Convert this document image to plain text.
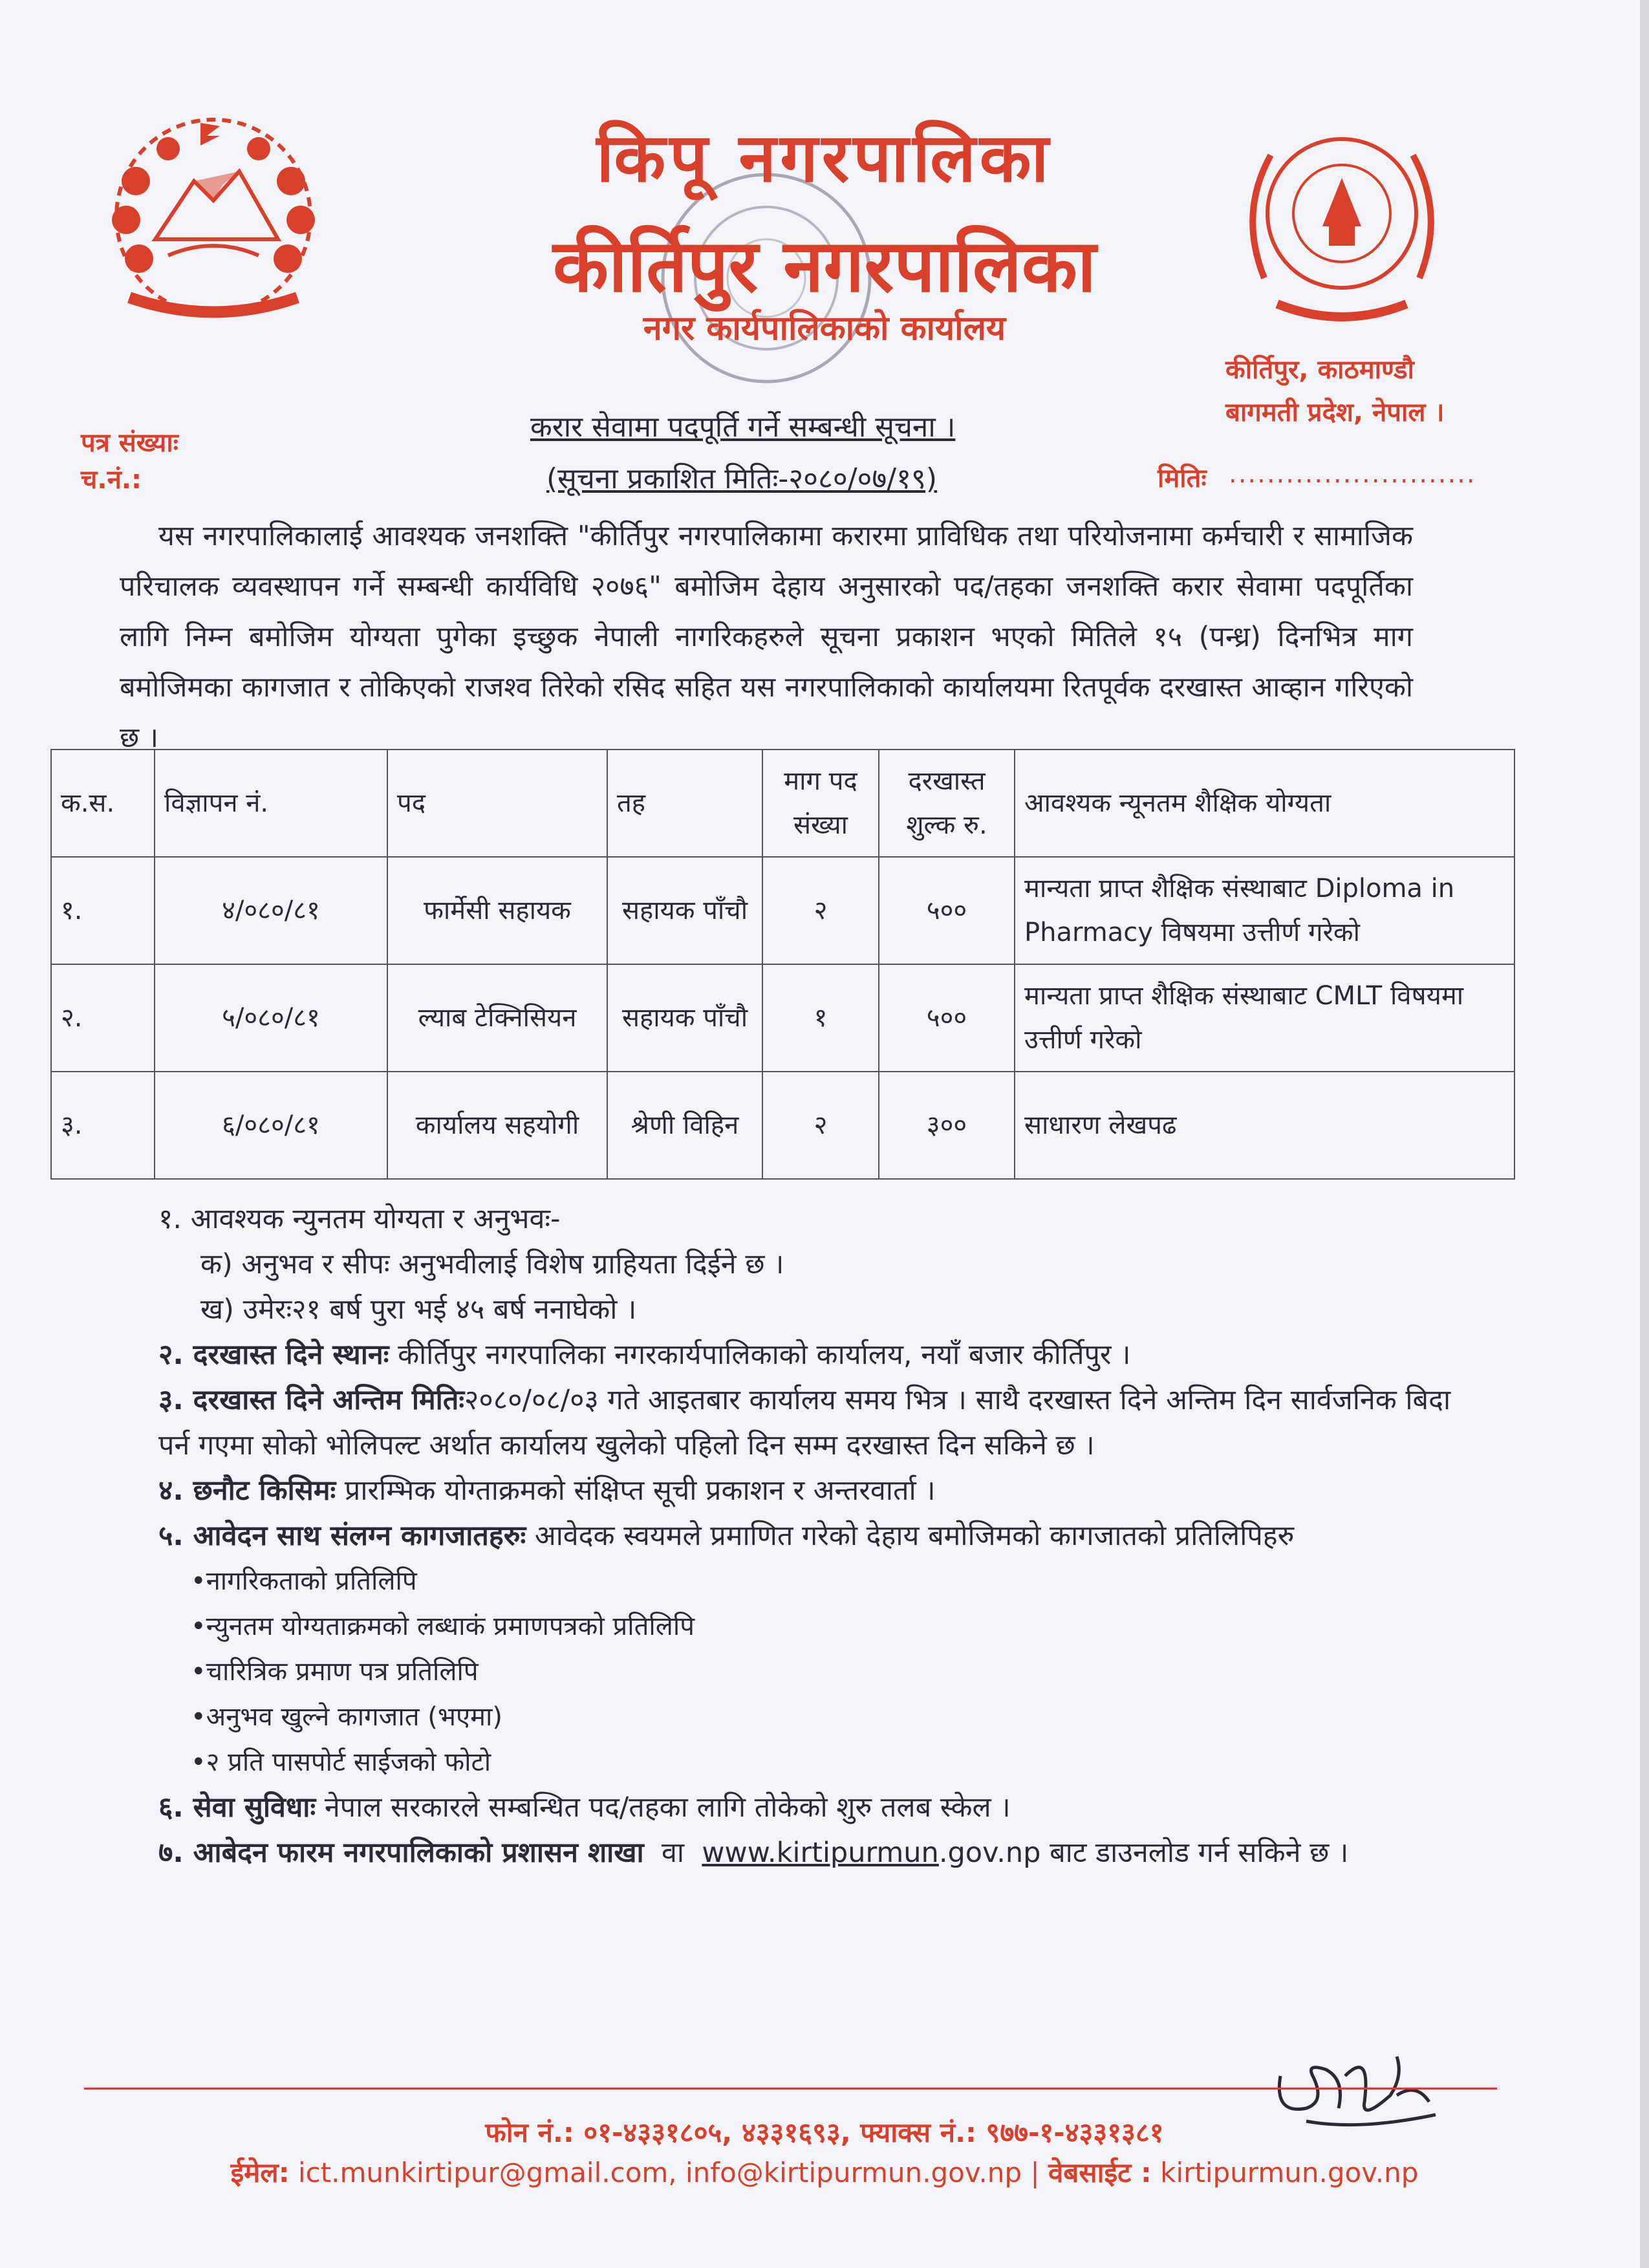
किपू नगरपालिका
कीर्तिपुर नगरपालिका
नगर कार्यपालिकाको कार्यालय
कीर्तिपुर, काठमाण्डौ
बागमती प्रदेश, नेपाल ।
पत्र संख्याः
च.नं.:	मितिः ..........................
करार सेवामा पदपूर्ति गर्ने सम्बन्धी सूचना ।
(सूचना प्रकाशित मितिः-२०८०/०७/१९)
यस नगरपालिकालाई आवश्यक जनशक्ति "कीर्तिपुर नगरपालिकामा करारमा प्राविधिक तथा परियोजनामा कर्मचारी र सामाजिक परिचालक व्यवस्थापन गर्ने सम्बन्धी कार्यविधि २०७६" बमोजिम देहाय अनुसारको पद/तहका जनशक्ति करार सेवामा पदपूर्तिका लागि निम्न बमोजिम योग्यता पुगेका इच्छुक नेपाली नागरिकहरुले सूचना प्रकाशन भएको मितिले १५ (पन्ध्र) दिनभित्र माग बमोजिमका कागजात र तोकिएको राजश्व तिरेको रसिद सहित यस नगरपालिकाको कार्यालयमा रितपूर्वक दरखास्त आव्हान गरिएको छ ।
क.स.	विज्ञापन नं.	पद	तह	माग पद संख्या	दरखास्त शुल्क रु.	आवश्यक न्यूनतम शैक्षिक योग्यता
१.	४/०८०/८१	फार्मेसी सहायक	सहायक पाँचौ	२	५००	मान्यता प्राप्त शैक्षिक संस्थाबाट Diploma in Pharmacy विषयमा उत्तीर्ण गरेको
२.	५/०८०/८१	ल्याब टेक्निसियन	सहायक पाँचौ	१	५००	मान्यता प्राप्त शैक्षिक संस्थाबाट CMLT विषयमा उत्तीर्ण गरेको
३.	६/०८०/८१	कार्यालय सहयोगी	श्रेणी विहिन	२	३००	साधारण लेखपढ

१. आवश्यक न्युनतम योग्यता र अनुभवः-

क) अनुभव र सीपः अनुभवीलाई विशेष ग्राहियता दिईने छ ।

ख) उमेरः२१ बर्ष पुरा भई ४५ बर्ष ननाघेको ।

२. दरखास्त दिने स्थानः कीर्तिपुर नगरपालिका नगरकार्यपालिकाको कार्यालय, नयाँ बजार कीर्तिपुर ।

३. दरखास्त दिने अन्तिम मितिः२०८०/०८/०३ गते आइतबार कार्यालय समय भित्र । साथै दरखास्त दिने अन्तिम दिन सार्वजनिक बिदा पर्न गएमा सोको भोलिपल्ट अर्थात कार्यालय खुलेको पहिलो दिन सम्म दरखास्त दिन सकिने छ ।

४. छनौट किसिमः प्रारम्भिक योग्ताक्रमको संक्षिप्त सूची प्रकाशन र अन्तरवार्ता ।

५. आवेदन साथ संलग्न कागजातहरुः आवेदक स्वयमले प्रमाणित गरेको देहाय बमोजिमको कागजातको प्रतिलिपिहरु

•नागरिकताको प्रतिलिपि

•न्युनतम योग्यताक्रमको लब्धाकं प्रमाणपत्रको प्रतिलिपि

•चारित्रिक प्रमाण पत्र प्रतिलिपि

•अनुभव खुल्ने कागजात (भएमा)

•२ प्रति पासपोर्ट साईजको फोटो

६. सेवा सुविधाः नेपाल सरकारले सम्बन्धित पद/तहका लागि तोकेको शुरु तलब स्केल ।

७. आबेदन फारम नगरपालिकाको प्रशासन शाखा वा www.kirtipurmun.gov.np बाट डाउनलोड गर्न सकिने छ ।

फोन नं.: ०१-४३३१८०५, ४३३१६९३, फ्याक्स नं.: ९७७-१-४३३१३८१
ईमेल: ict.munkirtipur@gmail.com, info@kirtipurmun.gov.np | वेबसाईट : kirtipurmun.gov.np
